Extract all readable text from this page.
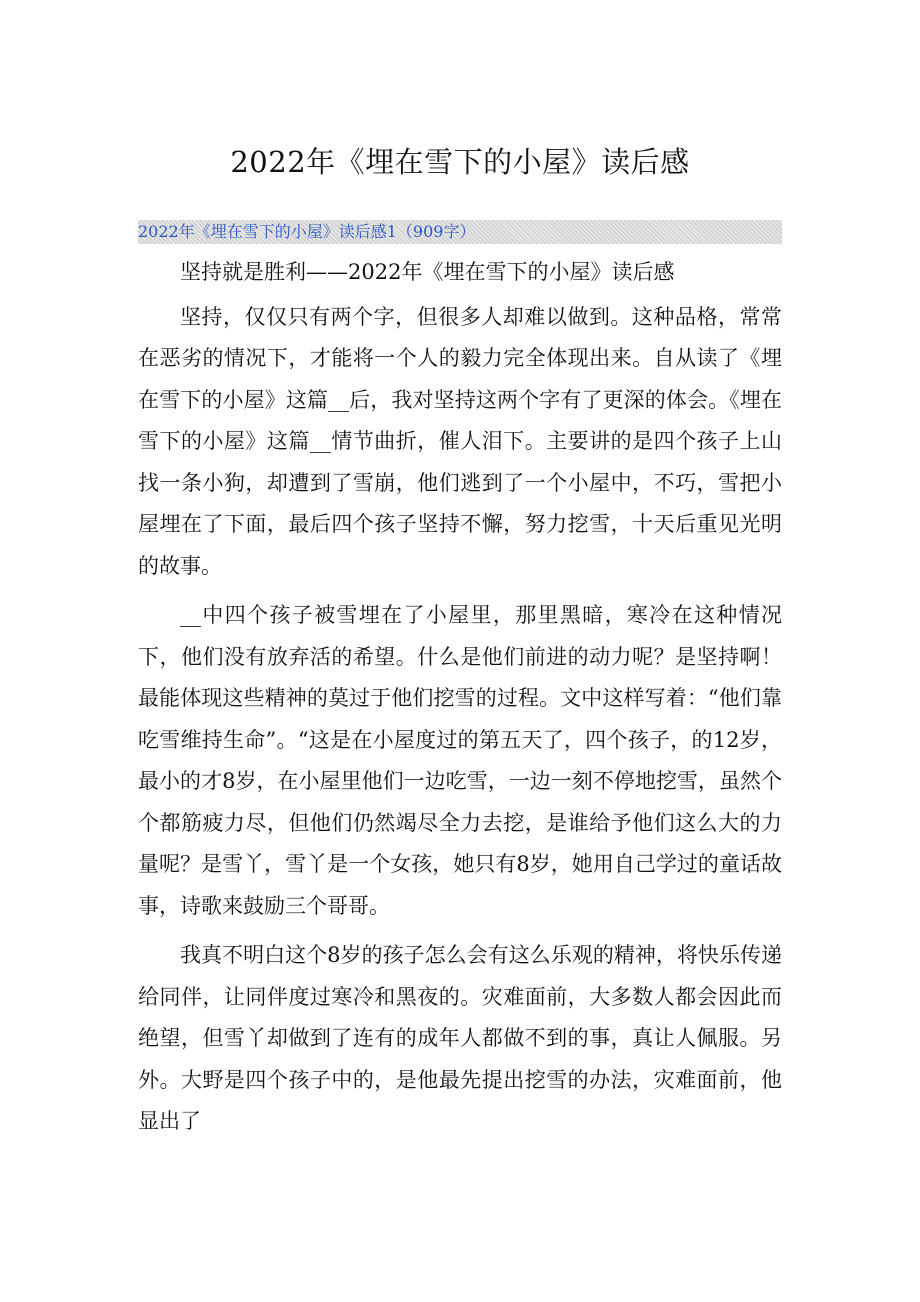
2022年《埋在雪下的小屋》读后感
2022年《埋在雪下的小屋》读后感1（909字）

坚持就是胜利——2022年《埋在雪下的小屋》读后感

坚持，仅仅只有两个字，但很多人却难以做到。这种品格，常常在恶劣的情况下，才能将一个人的毅力完全体现出来。自从读了《埋在雪下的小屋》这篇__后，我对坚持这两个字有了更深的体会。《埋在雪下的小屋》这篇__情节曲折，催人泪下。主要讲的是四个孩子上山找一条小狗，却遭到了雪崩，他们逃到了一个小屋中，不巧，雪把小屋埋在了下面，最后四个孩子坚持不懈，努力挖雪，十天后重见光明的故事。

__中四个孩子被雪埋在了小屋里，那里黑暗，寒冷在这种情况下，他们没有放弃活的希望。什么是他们前进的动力呢？是坚持啊！最能体现这些精神的莫过于他们挖雪的过程。文中这样写着：“他们靠吃雪维持生命”。“这是在小屋度过的第五天了，四个孩子，的12岁，最小的才8岁，在小屋里他们一边吃雪，一边一刻不停地挖雪，虽然个个都筋疲力尽，但他们仍然竭尽全力去挖，是谁给予他们这么大的力量呢？是雪丫，雪丫是一个女孩，她只有8岁，她用自己学过的童话故事，诗歌来鼓励三个哥哥。

我真不明白这个8岁的孩子怎么会有这么乐观的精神，将快乐传递给同伴，让同伴度过寒冷和黑夜的。灾难面前，大多数人都会因此而绝望，但雪丫却做到了连有的成年人都做不到的事，真让人佩服。另外。大野是四个孩子中的，是他最先提出挖雪的办法，灾难面前，他显出了
